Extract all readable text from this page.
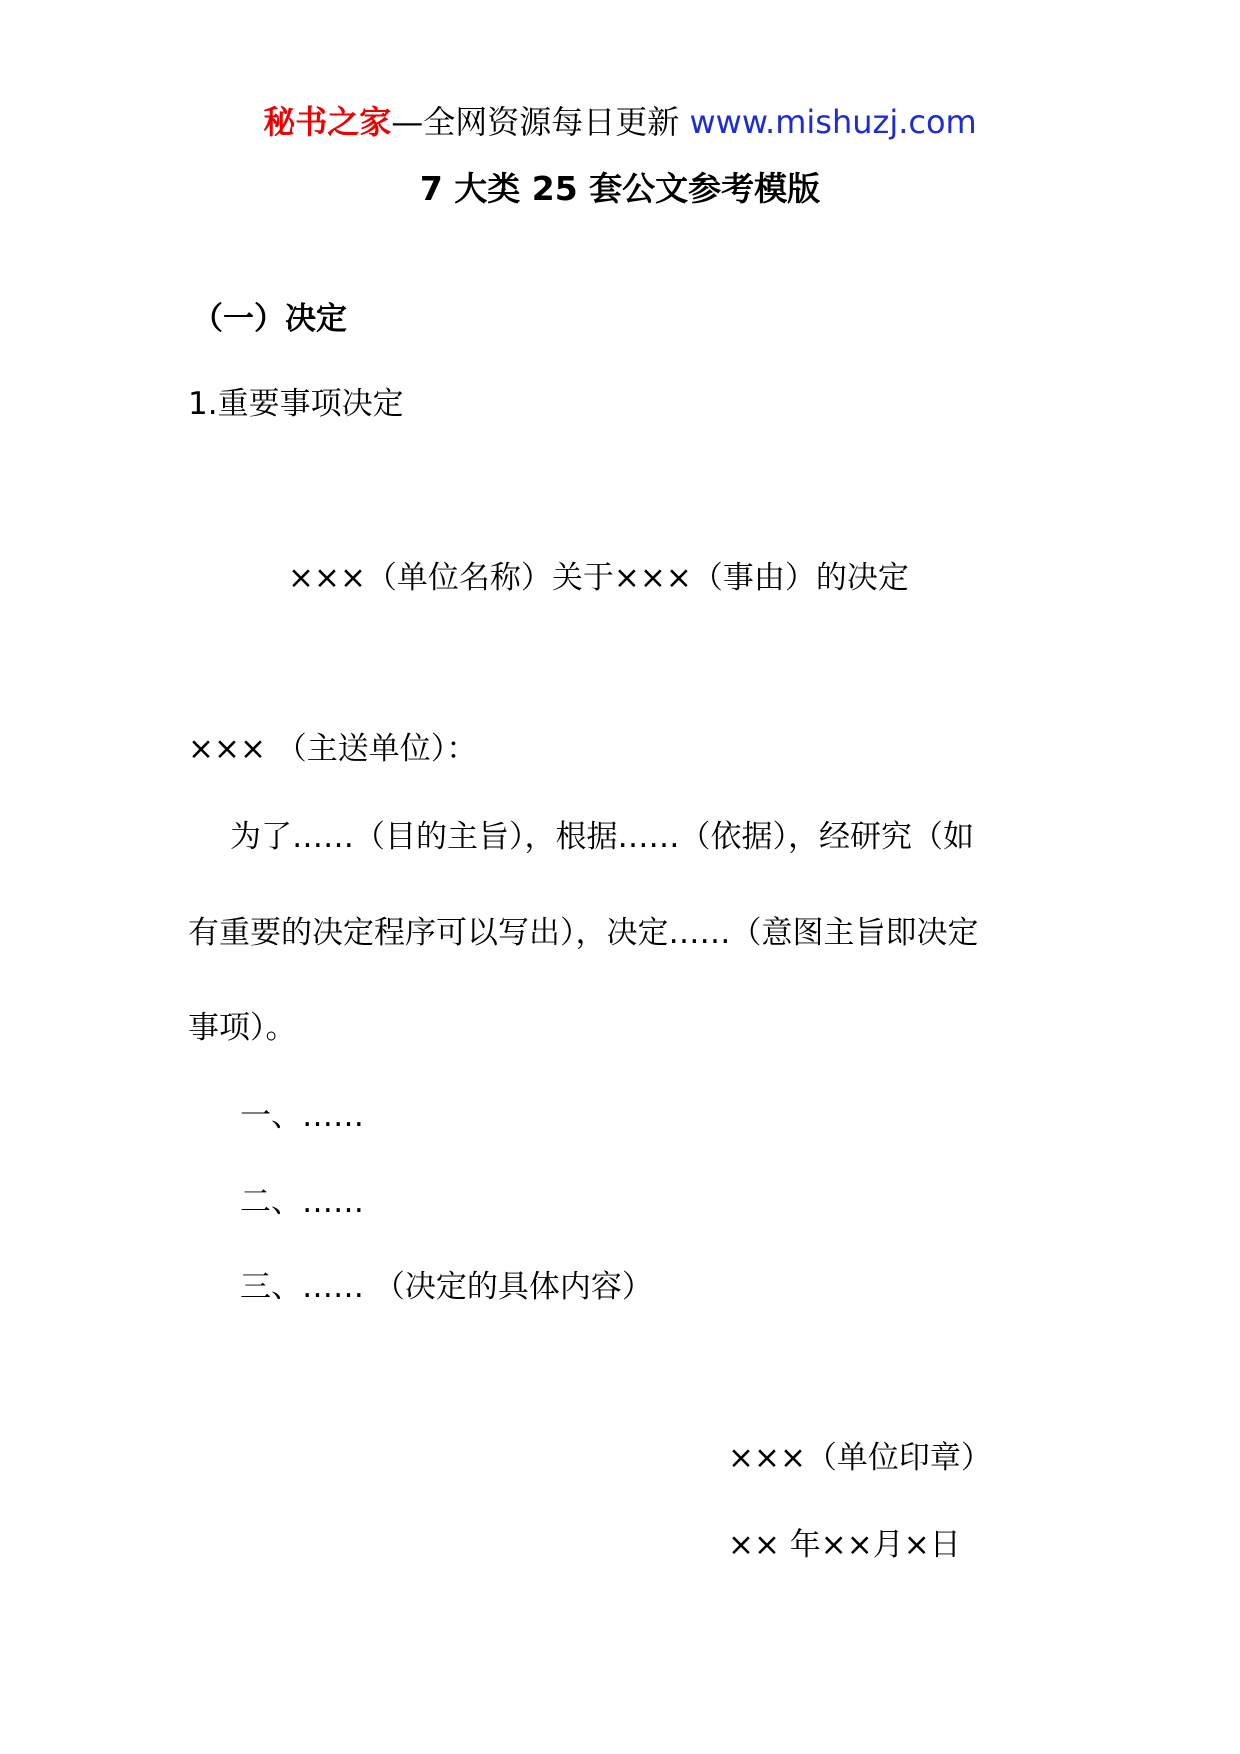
秘书之家—全网资源每日更新 www.mishuzj.com
7 大类 25 套公文参考模版
（一）决定
1.重要事项决定
×××（单位名称）关于×××（事由）的决定
××× （主送单位）：
为了……（目的主旨），根据……（依据），经研究（如
有重要的决定程序可以写出），决定……（意图主旨即决定
事项）。
一、……
二、……
三、…… （决定的具体内容）
×××（单位印章）
×× 年××月×日
